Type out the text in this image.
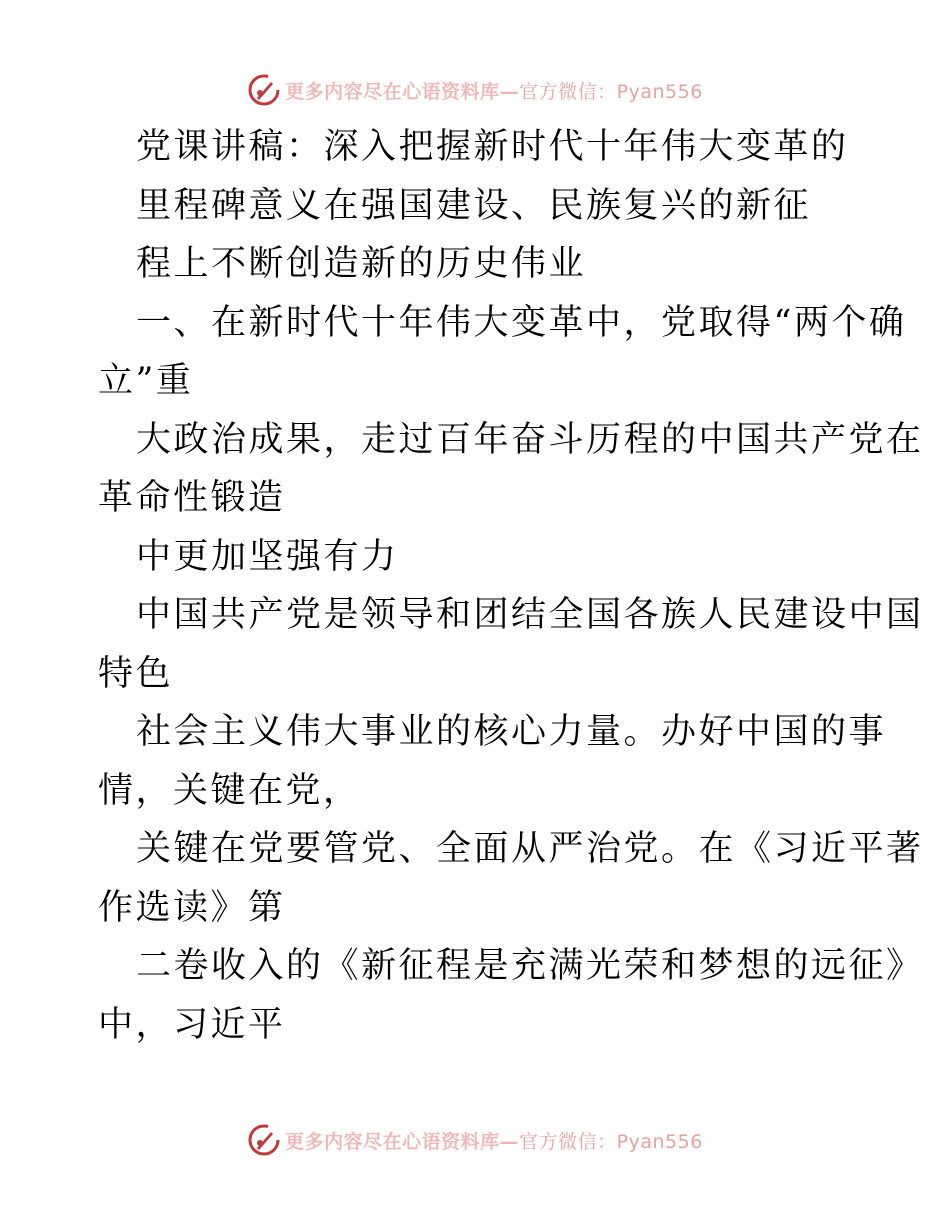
更多内容尽在心语资料库—官方微信：Pyan556
党课讲稿：深入把握新时代十年伟大变革的
里程碑意义在强国建设、民族复兴的新征
程上不断创造新的历史伟业
一、在新时代十年伟大变革中，党取得“两个确
立”重
大政治成果，走过百年奋斗历程的中国共产党在
革命性锻造
中更加坚强有力
中国共产党是领导和团结全国各族人民建设中国
特色
社会主义伟大事业的核心力量。办好中国的事
情，关键在党，
关键在党要管党、全面从严治党。在《习近平著
作选读》第
二卷收入的《新征程是充满光荣和梦想的远征》
中，习近平
更多内容尽在心语资料库—官方微信：Pyan556
